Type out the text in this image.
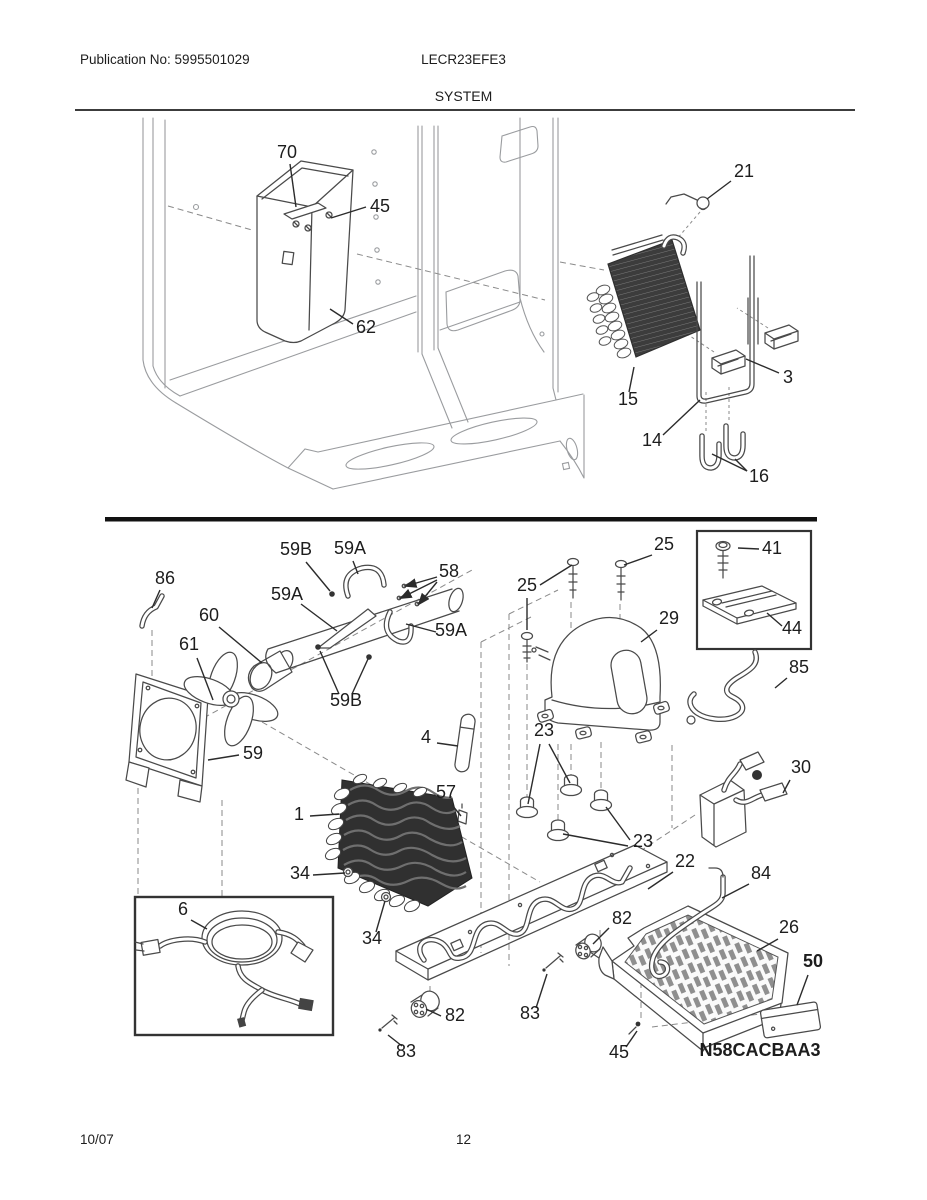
Publication No: 5995501029	LECR23EFE3
SYSTEM
10/07	12
70
45
62
21
15
14
3
16
86
59B 59A
58
59A
59A
60
61
59B
59
4
57
1
34
34
25
25
29
41
44
85
30
23
23
22
84
26
50
82
82
83
83
45
6
N58CACBAA3
